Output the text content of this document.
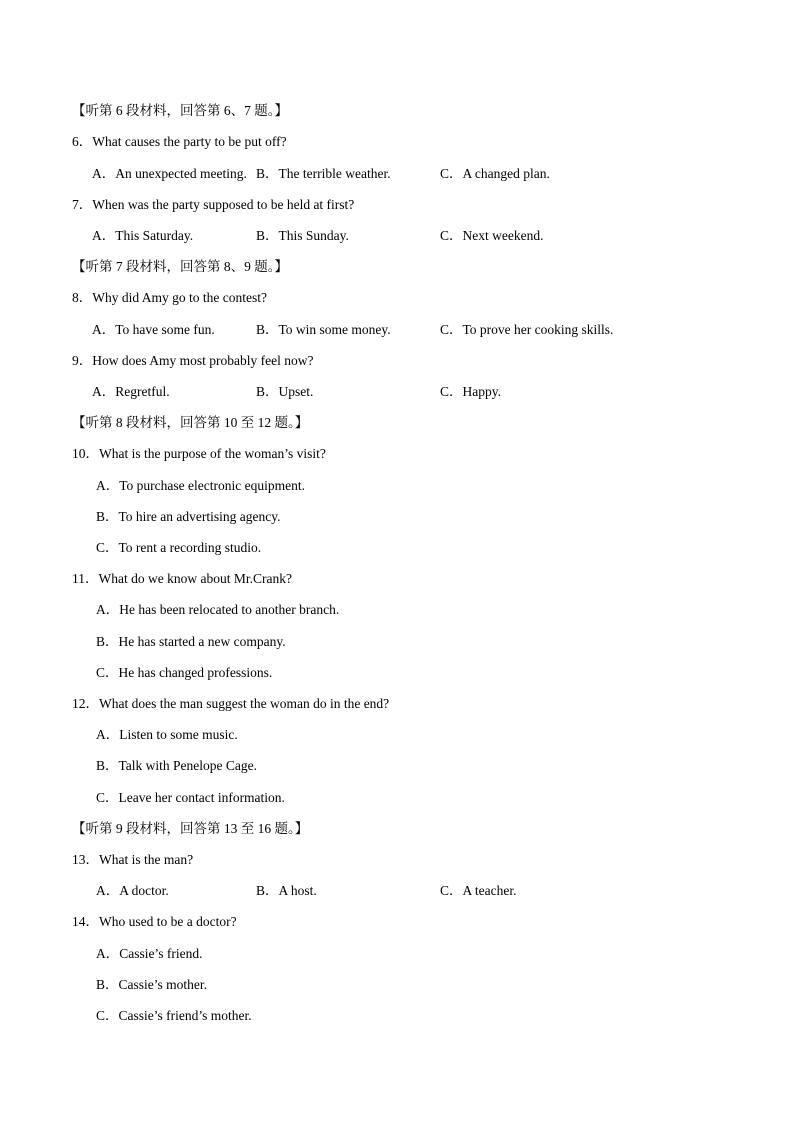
【听第 6 段材料，回答第 6、7 题。】
6．What causes the party to be put off?

A．An unexpected meeting.

B．The terrible weather.

	C．A changed plan.

7．When was the party supposed to be held at first?

A．This Saturday.

	B．This Sunday.

	C．Next weekend.

【听第 7 段材料，回答第 8、9 题。】
8．Why did Amy go to the contest?

A．To have some fun.

	B．To win some money.

	C．To prove her cooking skills.

9．How does Amy most probably feel now?

A．Regretful.

	B．Upset.

	C．Happy.

【听第 8 段材料，回答第 10 至 12 题。】
10．What is the purpose of the woman’s visit?
A．To purchase electronic equipment.
B．To hire an advertising agency.
C．To rent a recording studio.
11．What do we know about Mr.Crank?
A．He has been relocated to another branch.
B．He has started a new company.
C．He has changed professions.
12．What does the man suggest the woman do in the end?
A．Listen to some music.
B．Talk with Penelope Cage.
C．Leave her contact information.
【听第 9 段材料，回答第 13 至 16 题。】
13．What is the man?

A．A doctor.

	B．A host.

	C．A teacher.

14．Who used to be a doctor?
A．Cassie’s friend.
B．Cassie’s mother.
C．Cassie’s friend’s mother.
